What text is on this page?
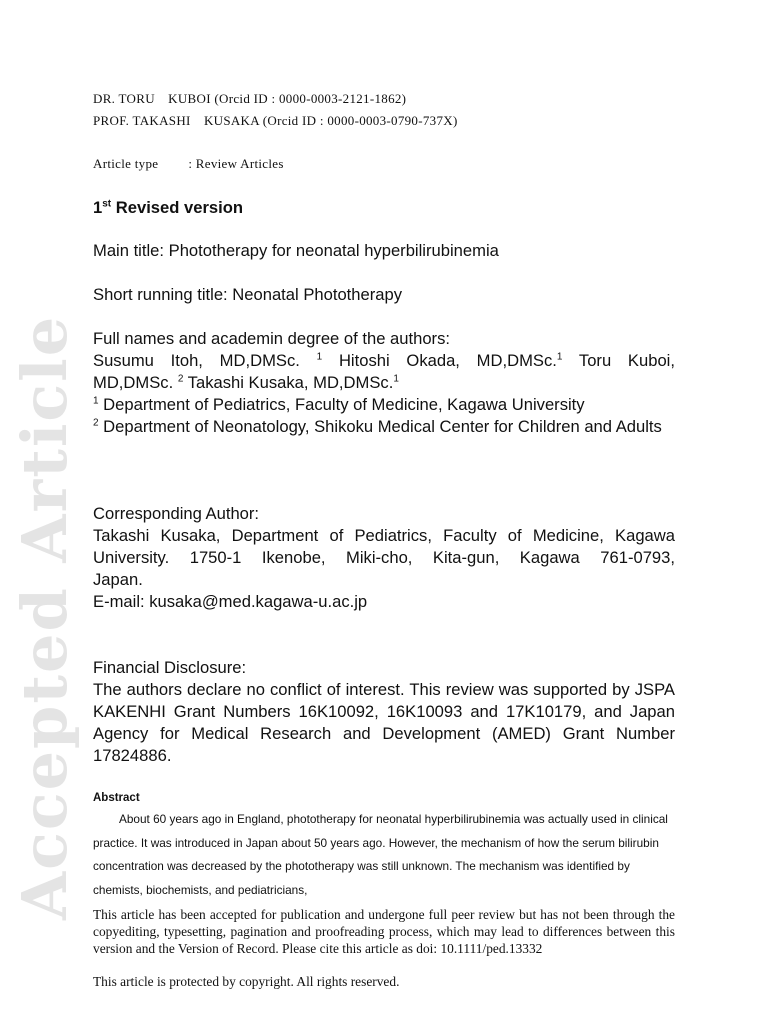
Accepted Article
DR. TORU KUBOI (Orcid ID : 0000-0003-2121-1862)
PROF. TAKASHI KUSAKA (Orcid ID : 0000-0003-0790-737X)
Article type : Review Articles
1st Revised version
Main title: Phototherapy for neonatal hyperbilirubinemia
Short running title: Neonatal Phototherapy
Full names and academin degree of the authors:
Susumu Itoh, MD,DMSc. $^1$ Hitoshi Okada, MD,DMSc.$^1$ Toru Kuboi,
MD,DMSc. $^2$ Takashi Kusaka, MD,DMSc.$^1$
$^1$ Department of Pediatrics, Faculty of Medicine, Kagawa University
$^2$ Department of Neonatology, Shikoku Medical Center for Children and Adults
Corresponding Author:
Takashi Kusaka, Department of Pediatrics, Faculty of Medicine, Kagawa
University. 1750-1 Ikenobe, Miki-cho, Kita-gun, Kagawa 761-0793,
Japan.
E-mail: kusaka@med.kagawa-u.ac.jp
Financial Disclosure:
The authors declare no conflict of interest. This review was supported by JSPA KAKENHI Grant Numbers 16K10092, 16K10093 and 17K10179, and Japan Agency for Medical Research and Development (AMED) Grant Number 17824886.
Abstract
About 60 years ago in England, phototherapy for neonatal hyperbilirubinemia was actually used in clinical practice. It was introduced in Japan about 50 years ago. However, the mechanism of how the serum bilirubin concentration was decreased by the phototherapy was still unknown. The mechanism was identified by chemists, biochemists, and pediatricians,
This article has been accepted for publication and undergone full peer review but has not been through the copyediting, typesetting, pagination and proofreading process, which may lead to differences between this version and the Version of Record. Please cite this article as doi: 10.1111/ped.13332
This article is protected by copyright. All rights reserved.
